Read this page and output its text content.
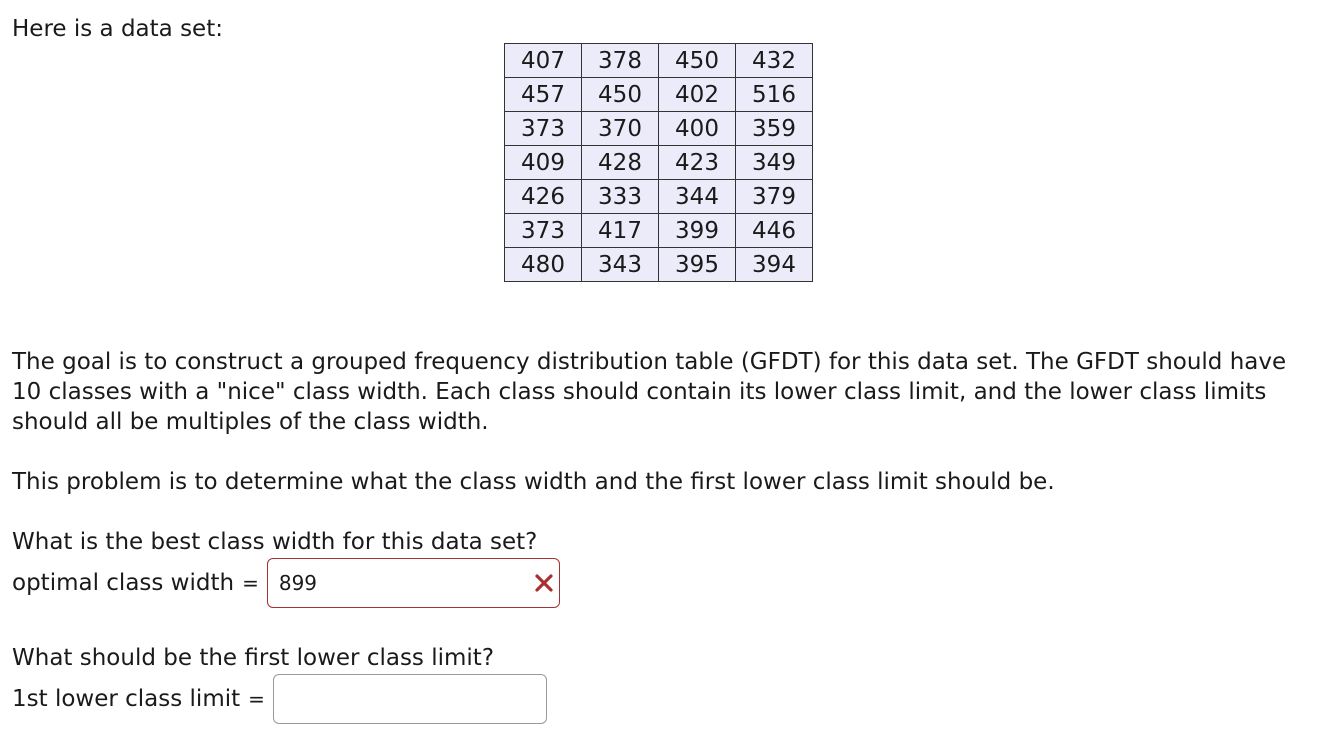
Here is a data set:

407	378	450	432
457	450	402	516
373	370	400	359
409	428	423	349
426	333	344	379
373	417	399	446
480	343	395	394

The goal is to construct a grouped frequency distribution table (GFDT) for this data set. The GFDT should have 10 classes with a "nice" class width. Each class should contain its lower class limit, and the lower class limits should all be multiples of the class width.

This problem is to determine what the class width and the first lower class limit should be.

What is the best class width for this data set?

optimal class width = 899

What should be the first lower class limit?

1st lower class limit =
